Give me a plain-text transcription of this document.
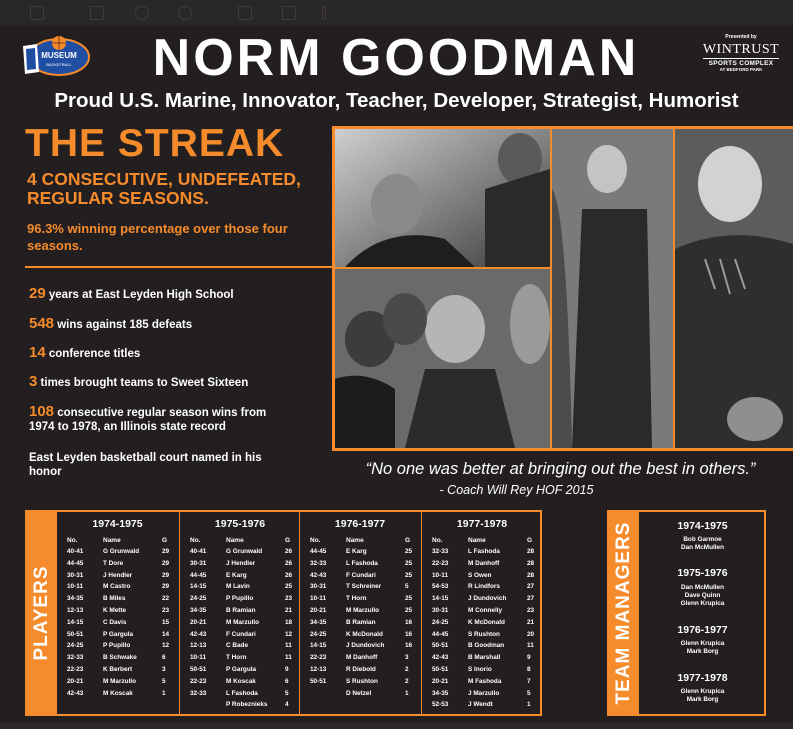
MUSEUM
BASKETBALL	NORM GOODMAN	Presented by
WINTRUST
SPORTS COMPLEX
AT BEDFORD PARK
Proud U.S. Marine, Innovator, Teacher, Developer, Strategist, Humorist
THE STREAK
4 CONSECUTIVE, UNDEFEATED, REGULAR SEASONS.
96.3% winning percentage over those four seasons.
29 years at East Leyden High School
548 wins against 185 defeats
14 conference titles
3 times brought teams to Sweet Sixteen
108 consecutive regular season wins from 1974 to 1978, an Illinois state record
East Leyden basketball court named in his honor	“No one was better at bringing out the best in others.”
- Coach Will Rey HOF 2015
PLAYERS
1974-1975
No.	Name	G
40-41	G Grunwald	29
44-45	T Dore	29
30-31	J Hendler	29
10-11	M Castro	29
34-35	B Miles	22
12-13	K Mette	23
14-15	C Davis	15
50-51	P Gargula	14
24-25	P Pupillo	12
32-33	B Schwake	6
22-23	K Berbert	3
20-21	M Marzullo	5
42-43	M Koscak	1
1975-1976
No.	Name	G
40-41	G Grunwald	26
30-31	J Hendler	26
44-45	E Karg	26
14-15	M Lavin	25
24-25	P Pupillo	23
34-35	B Ramian	21
20-21	M Marzullo	18
42-43	F Cundari	12
12-13	C Bade	11
10-11	T Horn	11
50-51	P Gargula	9
22-23	M Koscak	6
32-33	L Fashoda	5
P Robeznieks	4
1976-1977
No.	Name	G
44-45	E Karg	25
32-33	L Fashoda	25
42-43	F Cundari	25
30-31	T Schreiner	5
10-11	T Horn	25
20-21	M Marzullo	25
34-35	B Ramian	16
24-25	K McDonald	16
14-15	J Dundovich	16
22-23	M Danhoff	3
12-13	R Diebold	2
50-51	S Rushton	2
D Netzel	1
1977-1978
No.	Name	G
32-33	L Fashoda	28
22-23	M Danhoff	28
10-11	S Owen	28
54-53	R Lindfors	27
14-15	J Dundovich	27
30-31	M Connelly	23
24-25	K McDonald	21
44-45	S Rushton	20
50-51	B Goodman	11
42-43	B Marshall	9
50-51	S Inorio	8
20-21	M Fashoda	7
34-35	J Marzullo	5
52-53	J Wendt	1
TEAM MANAGERS	1974-1975
Bob Garmoe
Dan McMullen
1975-1976
Dan McMullen
Dave Quinn
Glenn Krupica
1976-1977
Glenn Krupica
Mark Borg
1977-1978
Glenn Krupica
Mark Borg
